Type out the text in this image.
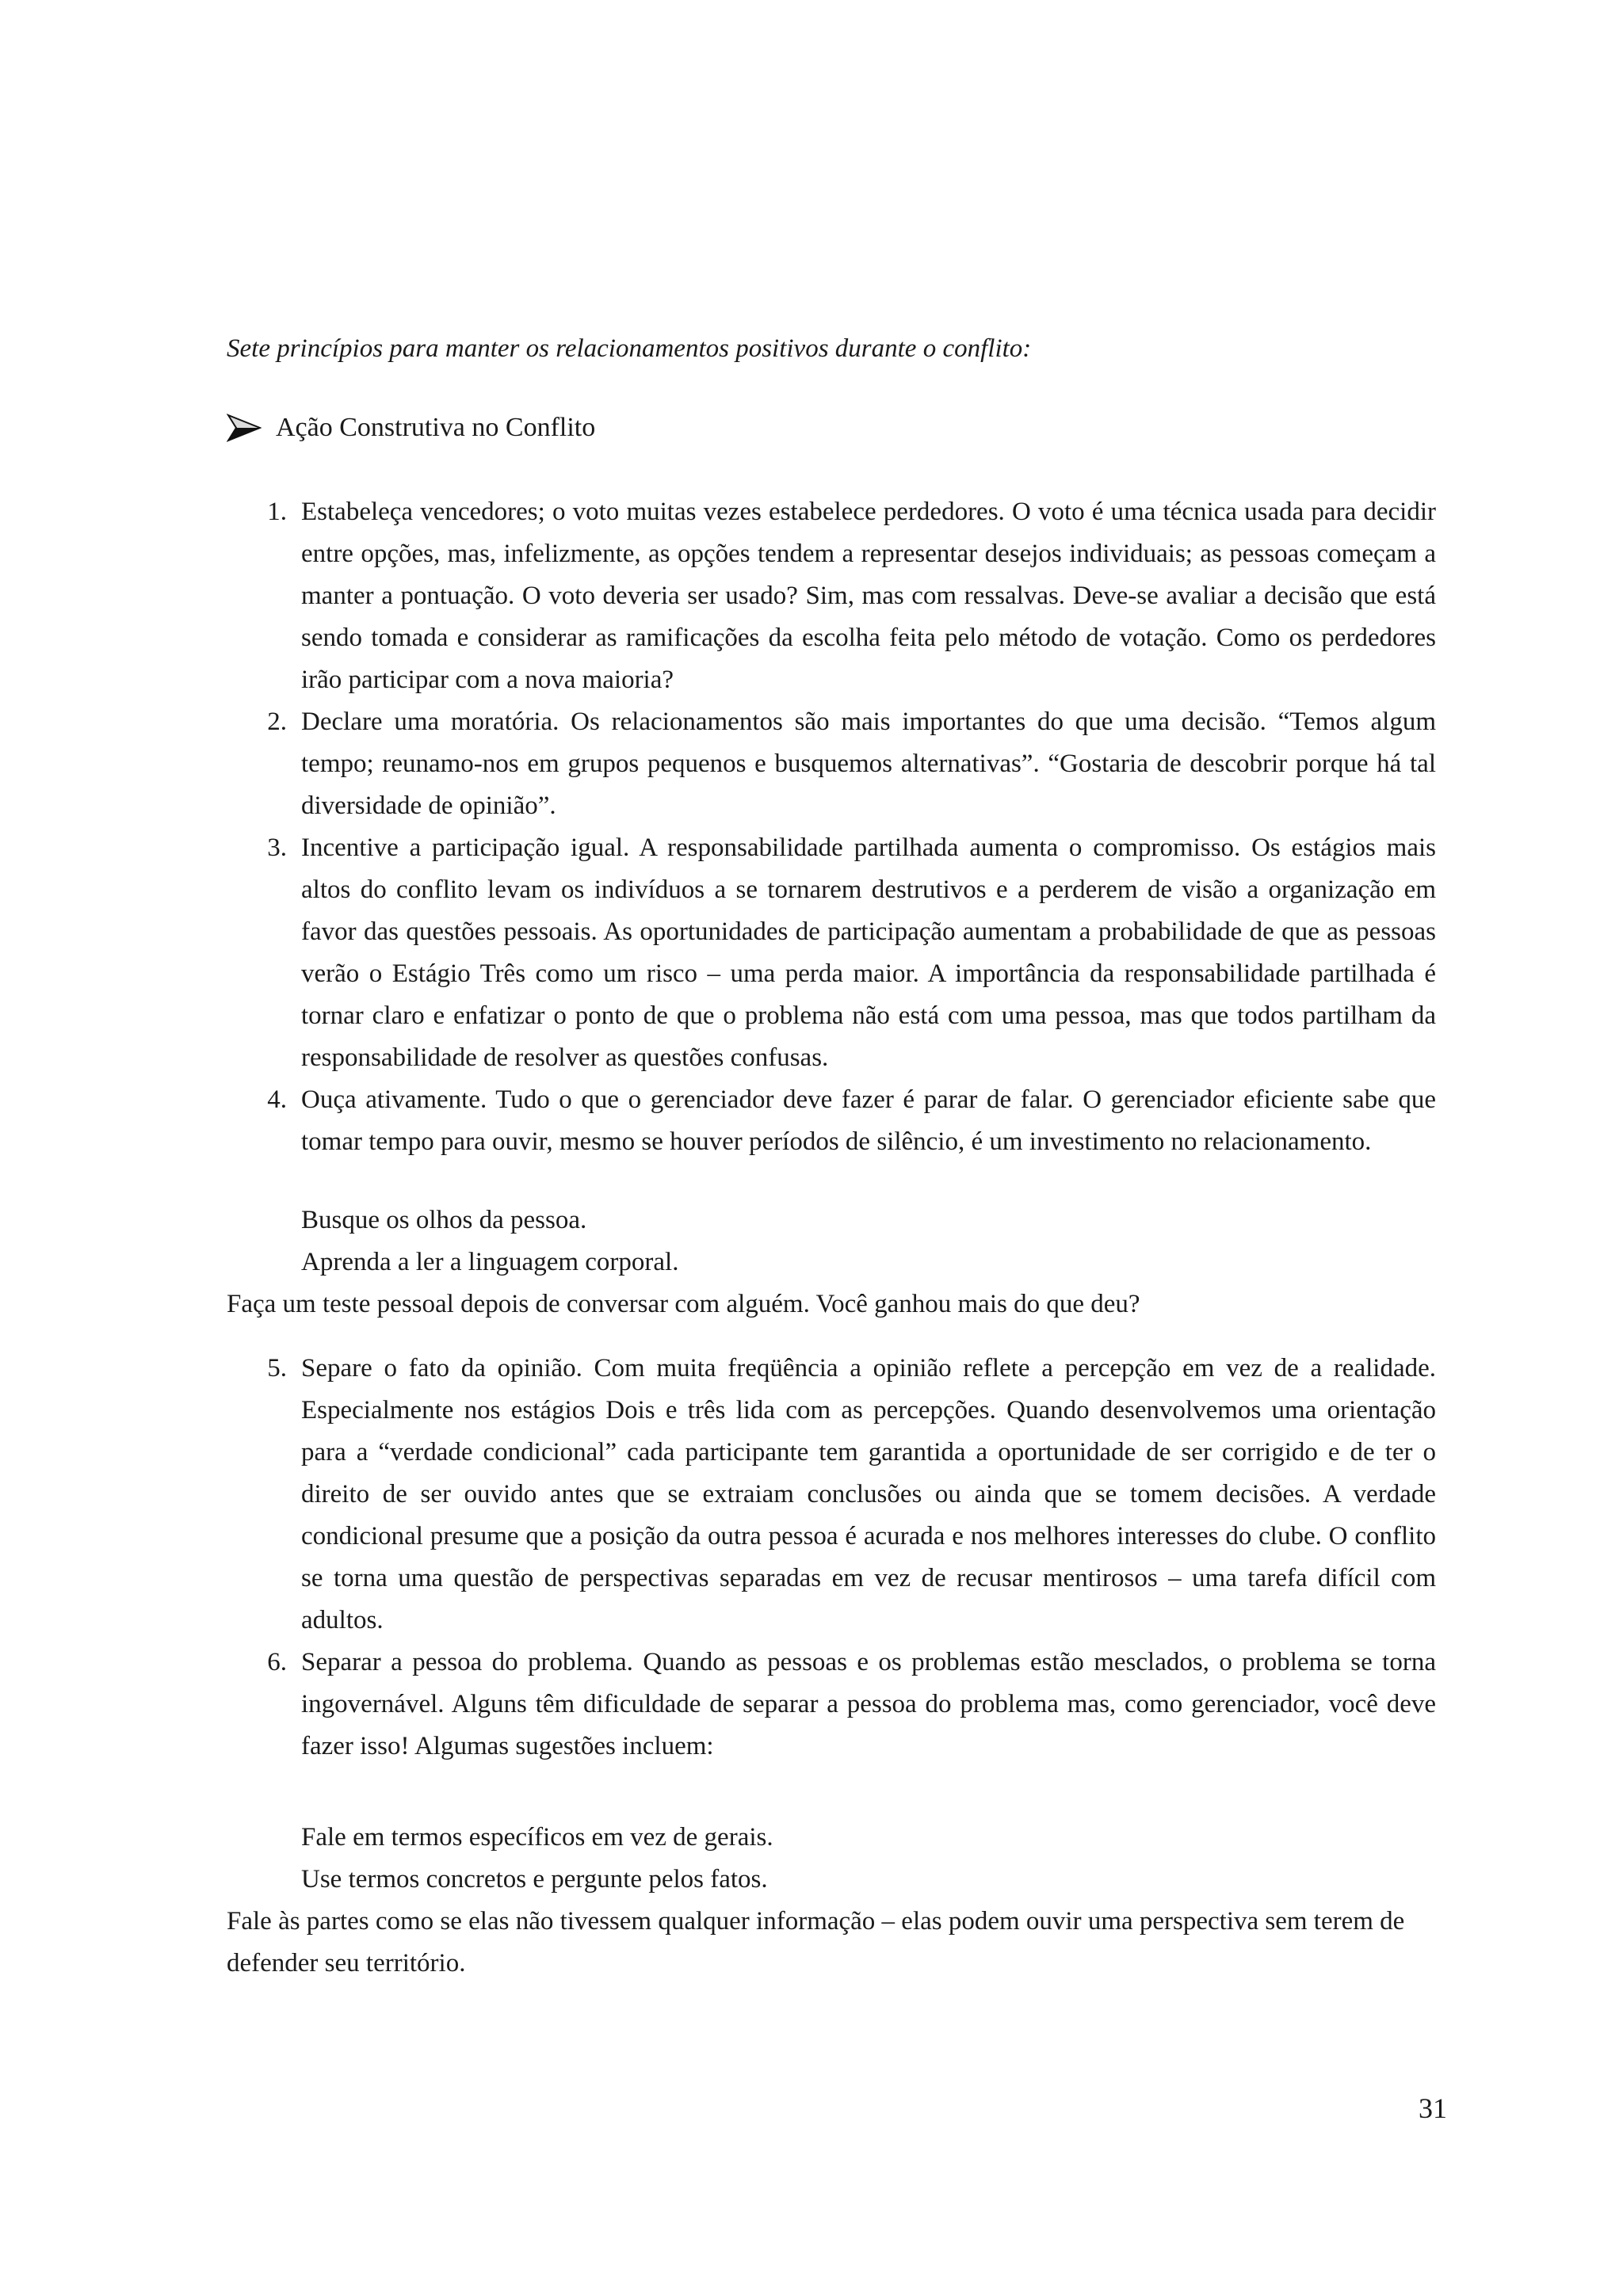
Sete princípios para manter os relacionamentos positivos durante o conflito:
Ação Construtiva no Conflito
1. Estabeleça vencedores; o voto muitas vezes estabelece perdedores. O voto é uma técnica usada para decidir entre opções, mas, infelizmente, as opções tendem a representar desejos individuais; as pessoas começam a manter a pontuação. O voto deveria ser usado? Sim, mas com ressalvas. Deve-se avaliar a decisão que está sendo tomada e considerar as ramificações da escolha feita pelo método de votação. Como os perdedores irão participar com a nova maioria?
2. Declare uma moratória. Os relacionamentos são mais importantes do que uma decisão. “Temos algum tempo; reunamo-nos em grupos pequenos e busquemos alternativas”. “Gostaria de descobrir porque há tal diversidade de opinião”.
3. Incentive a participação igual. A responsabilidade partilhada aumenta o compromisso. Os estágios mais altos do conflito levam os indivíduos a se tornarem destrutivos e a perderem de visão a organização em favor das questões pessoais. As oportunidades de participação aumentam a probabilidade de que as pessoas verão o Estágio Três como um risco – uma perda maior. A importância da responsabilidade partilhada é tornar claro e enfatizar o ponto de que o problema não está com uma pessoa, mas que todos partilham da responsabilidade de resolver as questões confusas.
4. Ouça ativamente. Tudo o que o gerenciador deve fazer é parar de falar. O gerenciador eficiente sabe que tomar tempo para ouvir, mesmo se houver períodos de silêncio, é um investimento no relacionamento.
Busque os olhos da pessoa.
Aprenda a ler a linguagem corporal.
Faça um teste pessoal depois de conversar com alguém. Você ganhou mais do que deu?
5. Separe o fato da opinião. Com muita freqüência a opinião reflete a percepção em vez de a realidade. Especialmente nos estágios Dois e três lida com as percepções. Quando desenvolvemos uma orientação para a “verdade condicional” cada participante tem garantida a oportunidade de ser corrigido e de ter o direito de ser ouvido antes que se extraiam conclusões ou ainda que se tomem decisões. A verdade condicional presume que a posição da outra pessoa é acurada e nos melhores interesses do clube. O conflito se torna uma questão de perspectivas separadas em vez de recusar mentirosos – uma tarefa difícil com adultos.
6. Separar a pessoa do problema. Quando as pessoas e os problemas estão mesclados, o problema se torna ingovernável. Alguns têm dificuldade de separar a pessoa do problema mas, como gerenciador, você deve fazer isso! Algumas sugestões incluem:
Fale em termos específicos em vez de gerais.
Use termos concretos e pergunte pelos fatos.
Fale às partes como se elas não tivessem qualquer informação – elas podem ouvir uma perspectiva sem terem de defender seu território.
31
